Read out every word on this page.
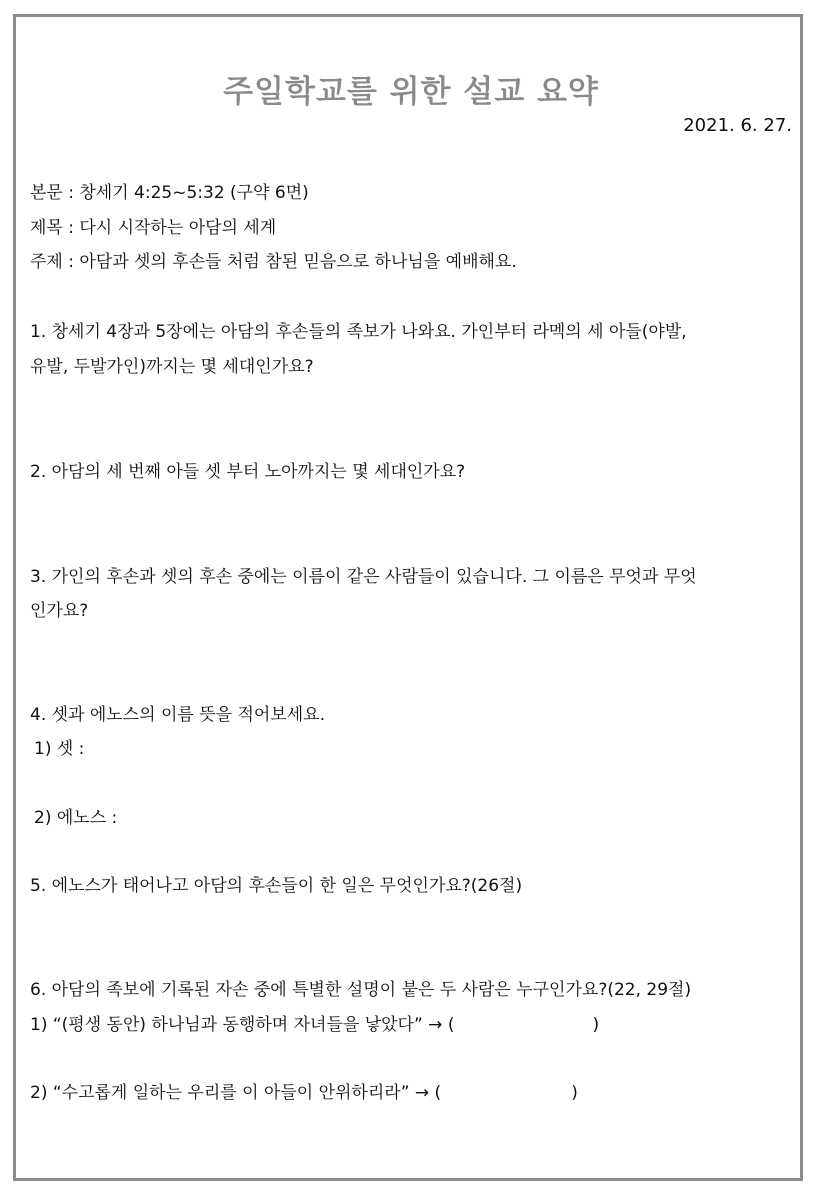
주일학교를 위한 설교 요약
2021. 6. 27.
본문 : 창세기 4:25~5:32 (구약 6면)
제목 : 다시 시작하는 아담의 세계
주제 : 아담과 셋의 후손들 처럼 참된 믿음으로 하나님을 예배해요.
1. 창세기 4장과 5장에는 아담의 후손들의 족보가 나와요. 가인부터 라멕의 세 아들(야발,
유발, 두발가인)까지는 몇 세대인가요?
2. 아담의 세 번째 아들 셋 부터 노아까지는 몇 세대인가요?
3. 가인의 후손과 셋의 후손 중에는 이름이 같은 사람들이 있습니다. 그 이름은 무엇과 무엇
인가요?
4. 셋과 에노스의 이름 뜻을 적어보세요.
1) 셋 :
2) 에노스 :
5. 에노스가 태어나고 아담의 후손들이 한 일은 무엇인가요?(26절)
6. 아담의 족보에 기록된 자손 중에 특별한 설명이 붙은 두 사람은 누구인가요?(22, 29절)
1) “(평생 동안) 하나님과 동행하며 자녀들을 낳았다” → (	)
2) “수고롭게 일하는 우리를 이 아들이 안위하리라” → (	)
